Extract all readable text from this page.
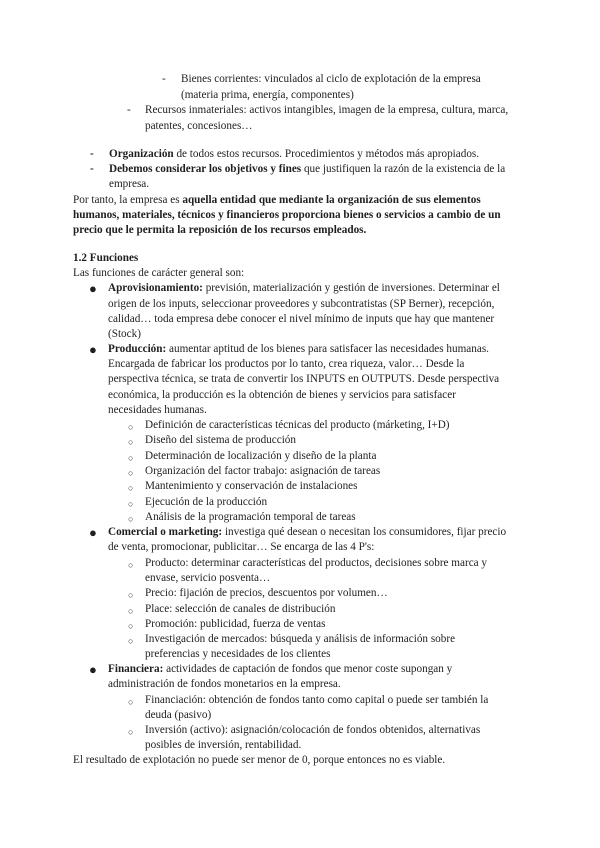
- Bienes corrientes: vinculados al ciclo de explotación de la empresa

(materia prima, energía, componentes)

- Recursos inmateriales: activos intangibles, imagen de la empresa, cultura, marca,

patentes, concesiones…

- Organización de todos estos recursos. Procedimientos y métodos más apropiados.
- Debemos considerar los objetivos y fines que justifiquen la razón de la existencia de la

empresa.

Por tanto, la empresa es aquella entidad que mediante la organización de sus elementos

humanos, materiales, técnicos y financieros proporciona bienes o servicios a cambio de un

precio que le permita la reposición de los recursos empleados.

1.2 Funciones

Las funciones de carácter general son:

● Aprovisionamiento: previsión, materialización y gestión de inversiones. Determinar el

origen de los inputs, seleccionar proveedores y subcontratistas (SP Berner), recepción,

calidad… toda empresa debe conocer el nivel mínimo de inputs que hay que mantener

(Stock)

● Producción: aumentar aptitud de los bienes para satisfacer las necesidades humanas.

Encargada de fabricar los productos por lo tanto, crea riqueza, valor… Desde la

perspectiva técnica, se trata de convertir los INPUTS en OUTPUTS. Desde perspectiva

económica, la producción es la obtención de bienes y servicios para satisfacer

necesidades humanas.

○ Definición de características técnicas del producto (márketing, I+D)

○ Diseño del sistema de producción

○ Determinación de localización y diseño de la planta

○ Organización del factor trabajo: asignación de tareas

○ Mantenimiento y conservación de instalaciones

○ Ejecución de la producción

○ Análisis de la programación temporal de tareas

● Comercial o marketing: investiga qué desean o necesitan los consumidores, fijar precio

de venta, promocionar, publicitar… Se encarga de las 4 P's:

○ Producto: determinar características del productos, decisiones sobre marca y

envase, servicio posventa…

○ Precio: fijación de precios, descuentos por volumen…

○ Place: selección de canales de distribución

○ Promoción: publicidad, fuerza de ventas

○ Investigación de mercados: búsqueda y análisis de información sobre

preferencias y necesidades de los clientes

● Financiera: actividades de captación de fondos que menor coste supongan y

administración de fondos monetarios en la empresa.

○ Financiación: obtención de fondos tanto como capital o puede ser también la

deuda (pasivo)

○ Inversión (activo): asignación/colocación de fondos obtenidos, alternativas

posibles de inversión, rentabilidad.

El resultado de explotación no puede ser menor de 0, porque entonces no es viable.
